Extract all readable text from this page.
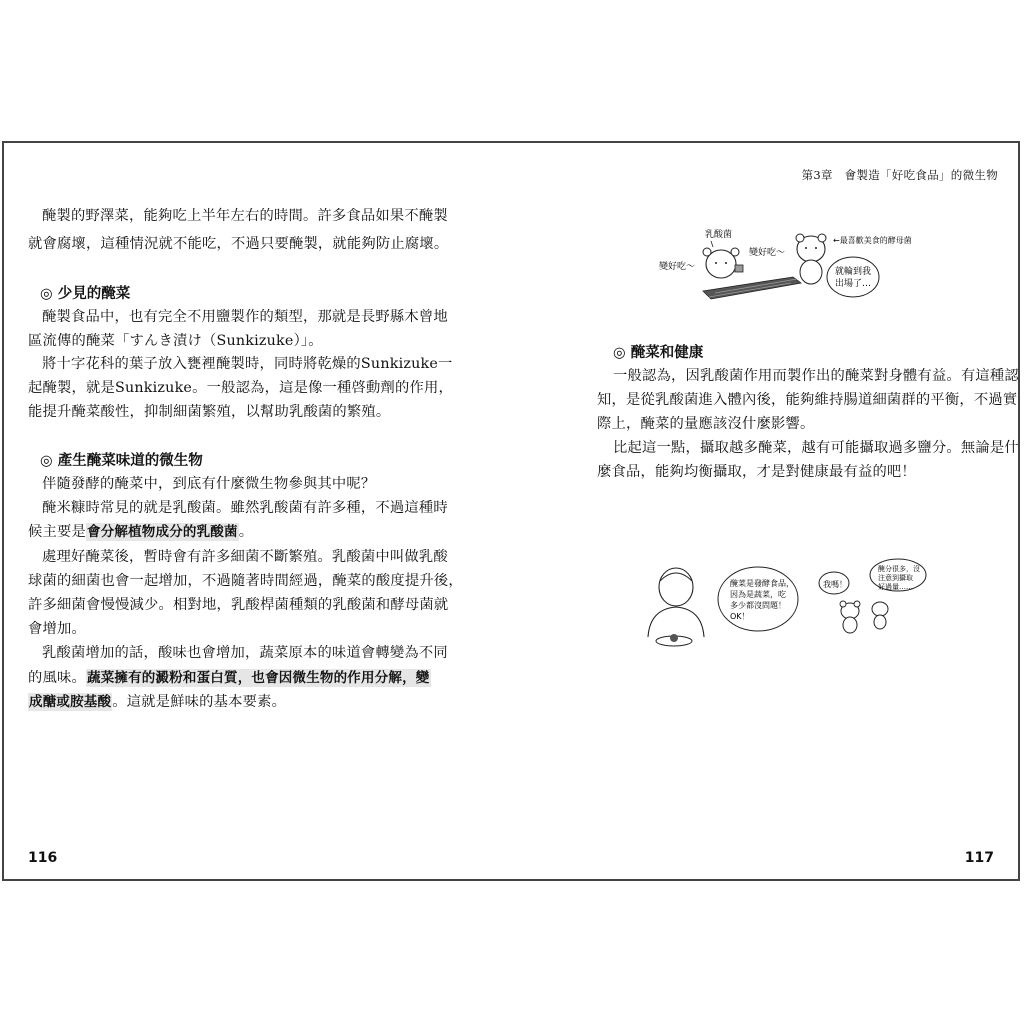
醃製的野澤菜，能夠吃上半年左右的時間。許多食品如果不醃製
就會腐壞，這種情況就不能吃，不過只要醃製，就能夠防止腐壞。
◎ 少見的醃菜
醃製食品中，也有完全不用鹽製作的類型，那就是長野縣木曾地
區流傳的醃菜「すんき漬け（Sunkizuke）」。
將十字花科的葉子放入甕裡醃製時，同時將乾燥的Sunkizuke一
起醃製，就是Sunkizuke。一般認為，這是像一種啓動劑的作用，
能提升醃菜酸性，抑制細菌繁殖，以幫助乳酸菌的繁殖。
◎ 產生醃菜味道的微生物
伴隨發酵的醃菜中，到底有什麼微生物參與其中呢？
醃米糠時常見的就是乳酸菌。雖然乳酸菌有許多種，不過這種時
候主要是會分解植物成分的乳酸菌。
處理好醃菜後，暫時會有許多細菌不斷繁殖。乳酸菌中叫做乳酸
球菌的細菌也會一起增加，不過隨著時間經過，醃菜的酸度提升後，
許多細菌會慢慢減少。相對地，乳酸桿菌種類的乳酸菌和酵母菌就
會增加。
乳酸菌增加的話，酸味也會增加，蔬菜原本的味道會轉變為不同
的風味。蔬菜擁有的澱粉和蛋白質，也會因微生物的作用分解，變
成醣或胺基酸。這就是鮮味的基本要素。
116
第3章　會製造「好吃食品」的微生物
乳酸菌
變好吃～
變好吃～
←最喜歡美食的酵母菌
就輪到我
出場了…
◎ 醃菜和健康
一般認為，因乳酸菌作用而製作出的醃菜對身體有益。有這種認
知，是從乳酸菌進入體內後，能夠維持腸道細菌群的平衡，不過實
際上，醃菜的量應該沒什麼影響。
比起這一點，攝取越多醃菜，越有可能攝取過多鹽分。無論是什
麼食品，能夠均衡攝取，才是對健康最有益的吧！
醃菜是發酵食品，
因為是蔬菜，吃
多少都沒問題！
OK！
我嗎！
醃分很多，沒
注意到攝取
好過量……
117
